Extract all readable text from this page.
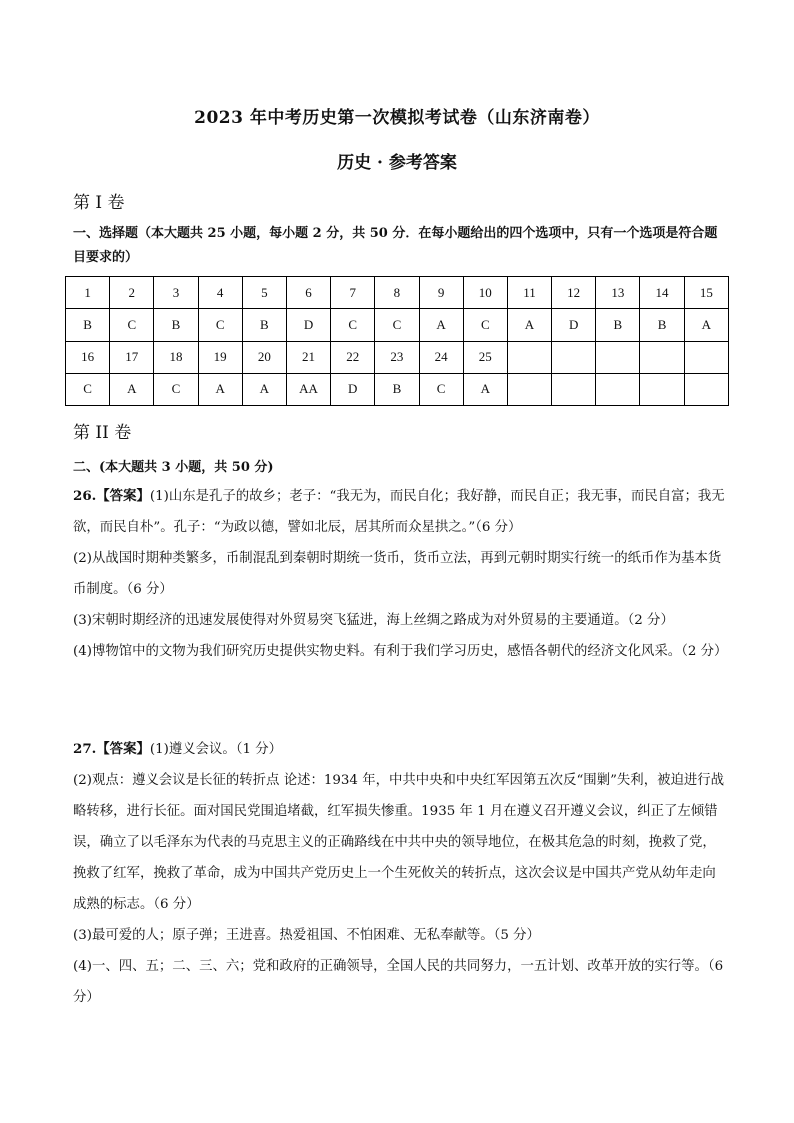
2023 年中考历史第一次模拟考试卷（山东济南卷）
历史 · 参考答案
第 I 卷
一、选择题（本大题共 25 小题，每小题 2 分，共 50 分．在每小题给出的四个选项中，只有一个选项是符合题目要求的）
1	2	3	4	5	6	7	8	9	10	11	12	13	14	15
B	C	B	C	B	D	C	C	A	C	A	D	B	B	A
16	17	18	19	20	21	22	23	24	25					
C	A	C	A	A	AA	D	B	C	A					
第 II 卷
二、(本大题共 3 小题，共 50 分)

26.【答案】(1)山东是孔子的故乡；老子：“我无为，而民自化；我好静，而民自正；我无事，而民自富；我无欲，而民自朴”。孔子：“为政以德，譬如北辰，居其所而众星拱之。”（6 分）

(2)从战国时期种类繁多，币制混乱到秦朝时期统一货币，货币立法，再到元朝时期实行统一的纸币作为基本货币制度。（6 分）

(3)宋朝时期经济的迅速发展使得对外贸易突飞猛进，海上丝绸之路成为对外贸易的主要通道。（2 分）

(4)博物馆中的文物为我们研究历史提供实物史料。有利于我们学习历史，感悟各朝代的经济文化风采。（2 分）

27.【答案】(1)遵义会议。（1 分）

(2)观点：遵义会议是长征的转折点 论述：1934 年，中共中央和中央红军因第五次反“围剿”失利，被迫进行战略转移，进行长征。面对国民党围追堵截，红军损失惨重。1935 年 1 月在遵义召开遵义会议，纠正了左倾错误，确立了以毛泽东为代表的马克思主义的正确路线在中共中央的领导地位，在极其危急的时刻，挽救了党，挽救了红军，挽救了革命，成为中国共产党历史上一个生死攸关的转折点，这次会议是中国共产党从幼年走向成熟的标志。（6 分）

(3)最可爱的人；原子弹；王进喜。热爱祖国、不怕困难、无私奉献等。（5 分）

(4)一、四、五；二、三、六；党和政府的正确领导，全国人民的共同努力，一五计划、改革开放的实行等。（6 分）
